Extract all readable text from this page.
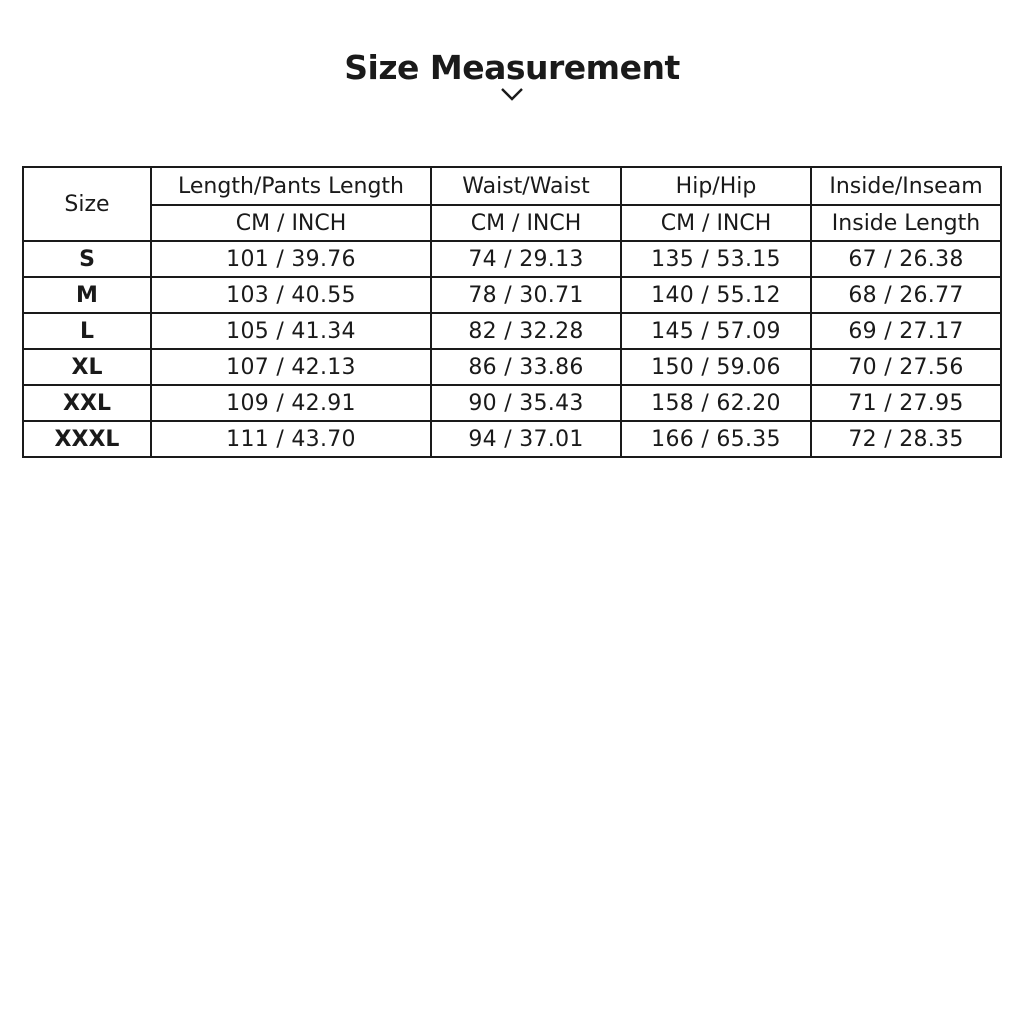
Size Measurement
Size	Length/Pants Length	Waist/Waist	Hip/Hip	Inside/Inseam
	CM / INCH	CM / INCH	CM / INCH	Inside Length
S	101 / 39.76	74 / 29.13	135 / 53.15	67 / 26.38
M	103 / 40.55	78 / 30.71	140 / 55.12	68 / 26.77
L	105 / 41.34	82 / 32.28	145 / 57.09	69 / 27.17
XL	107 / 42.13	86 / 33.86	150 / 59.06	70 / 27.56
XXL	109 / 42.91	90 / 35.43	158 / 62.20	71 / 27.95
XXXL	111 / 43.70	94 / 37.01	166 / 65.35	72 / 28.35
